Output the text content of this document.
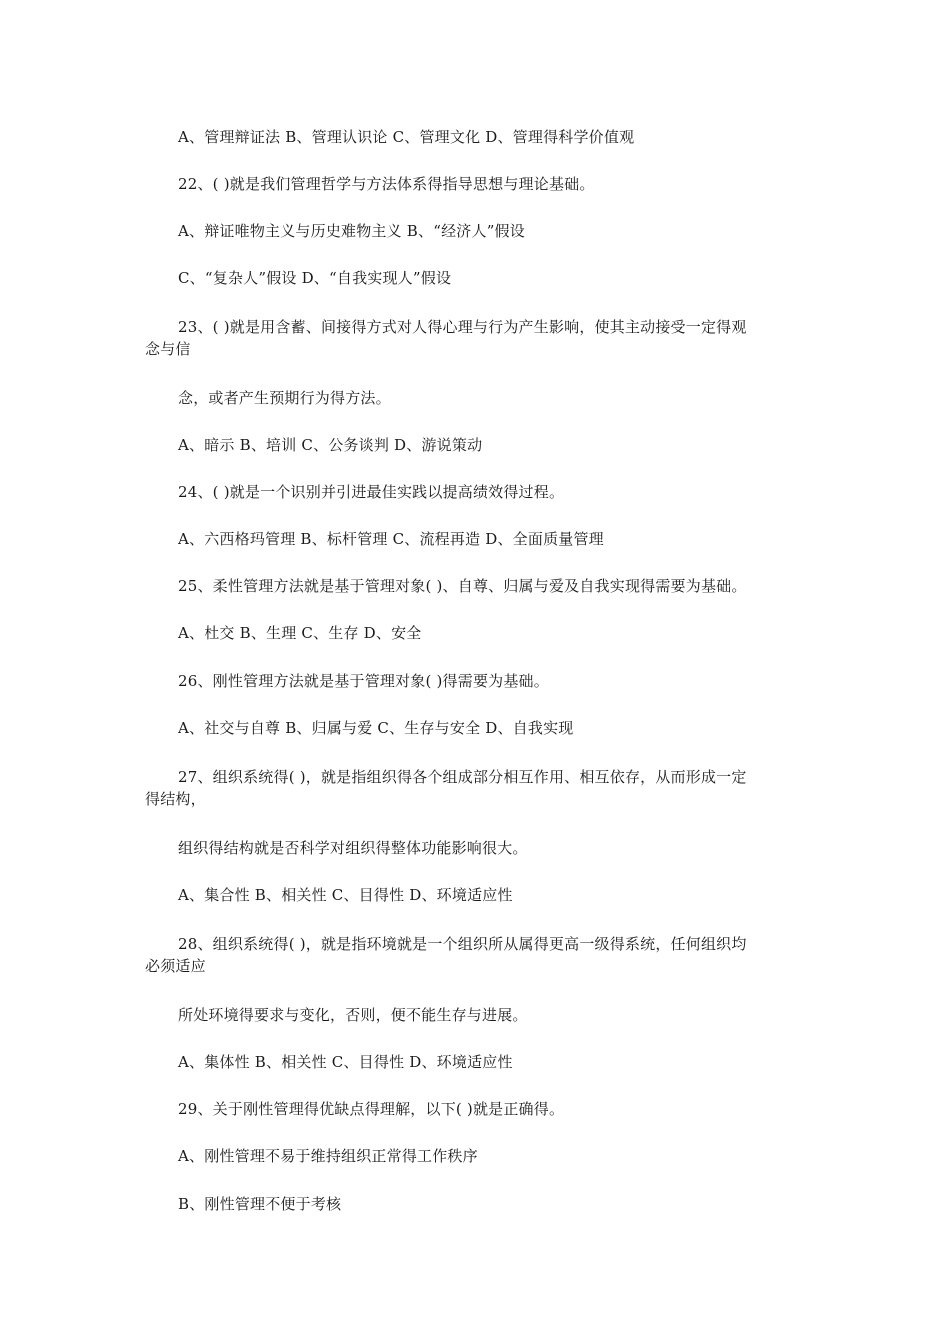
A、管理辩证法 B、管理认识论 C、管理文化 D、管理得科学价值观
22、( )就是我们管理哲学与方法体系得指导思想与理论基础。
A、辩证唯物主义与历史难物主义 B、“经济人”假设
C、“复杂人”假设 D、“自我实现人”假设
23、( )就是用含蓄、间接得方式对人得心理与行为产生影响，使其主动接受一定得观
念与信
念，或者产生预期行为得方法。
A、暗示 B、培训 C、公务谈判 D、游说策动
24、( )就是一个识别并引进最佳实践以提高绩效得过程。
A、六西格玛管理 B、标杆管理 C、流程再造 D、全面质量管理
25、柔性管理方法就是基于管理对象( )、自尊、归属与爱及自我实现得需要为基础。
A、杜交 B、生理 C、生存 D、安全
26、刚性管理方法就是基于管理对象( )得需要为基础。
A、社交与自尊 B、归属与爱 C、生存与安全 D、自我实现
27、组织系统得( )，就是指组织得各个组成部分相互作用、相互依存，从而形成一定
得结构，
组织得结构就是否科学对组织得整体功能影响很大。
A、集合性 B、相关性 C、目得性 D、环境适应性
28、组织系统得( )，就是指环境就是一个组织所从属得更高一级得系统，任何组织均
必须适应
所处环境得要求与变化，否则，便不能生存与进展。
A、集体性 B、相关性 C、目得性 D、环境适应性
29、关于刚性管理得优缺点得理解，以下( )就是正确得。
A、刚性管理不易于维持组织正常得工作秩序
B、刚性管理不便于考核
